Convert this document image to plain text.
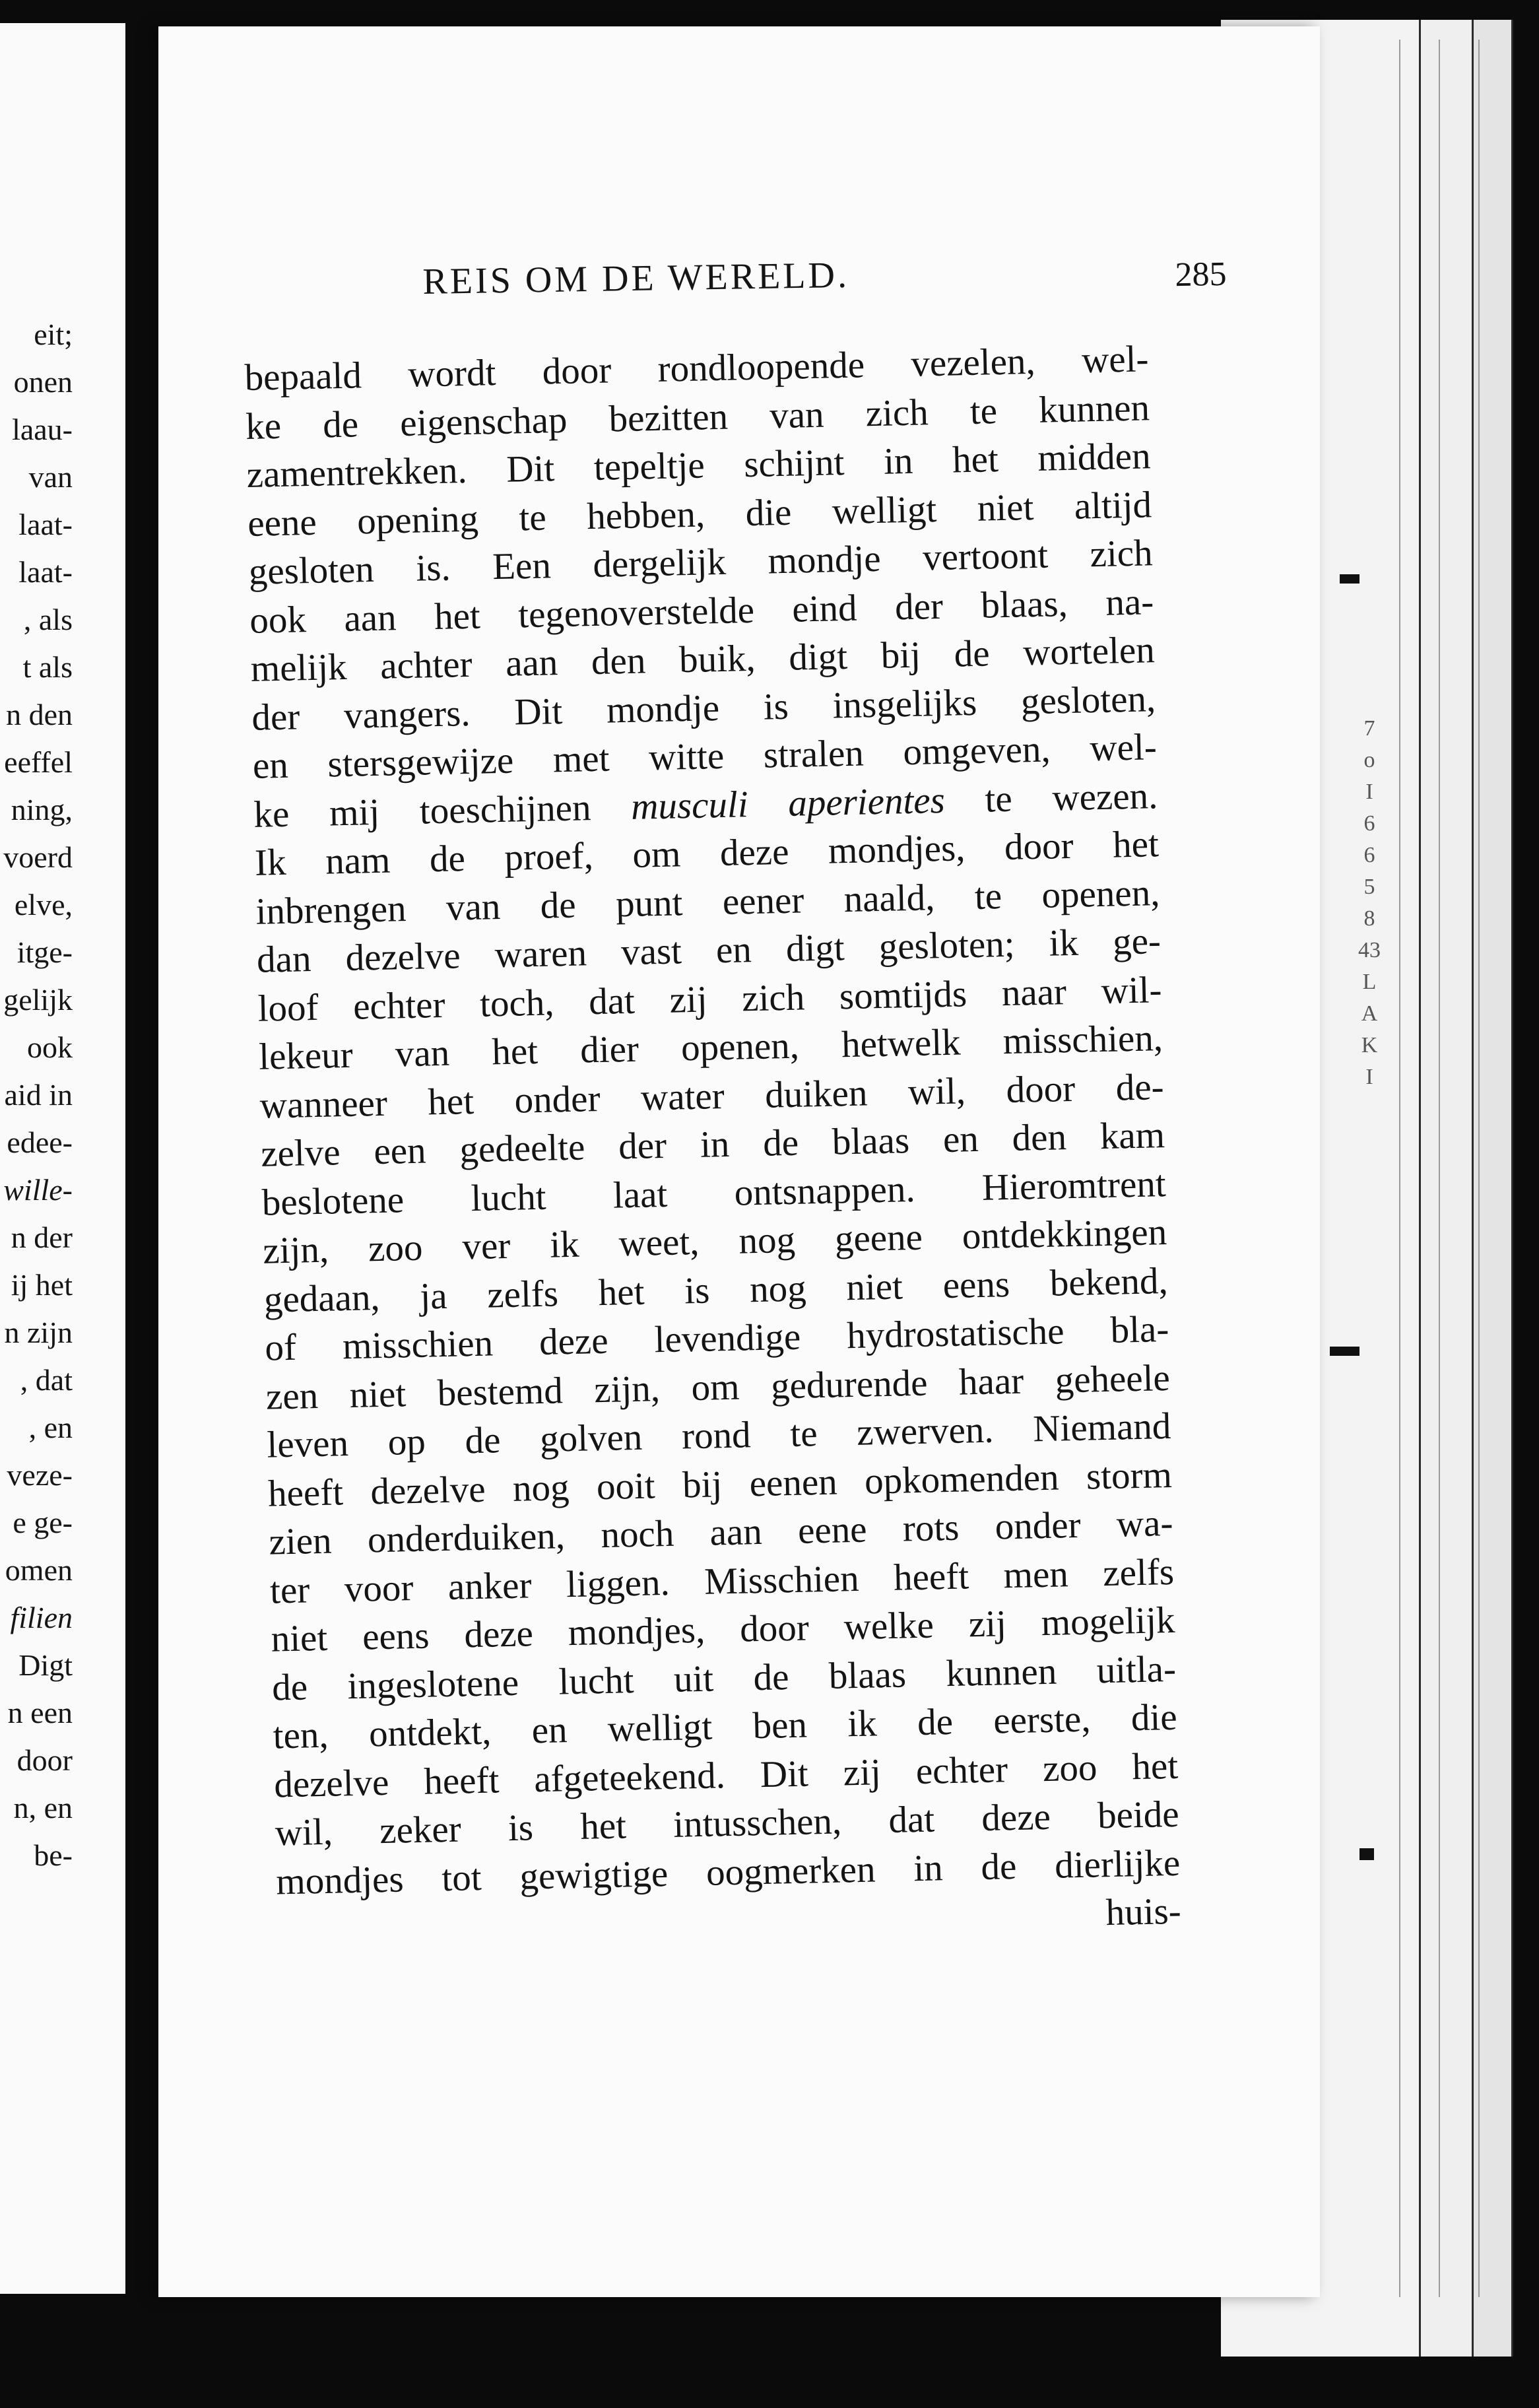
7
o
I
6
6
5
8
43
L
A
K
I
eit;
onen
laau-
van
laat-
laat-
, als
t als
n den
eeffel
ning,
voerd
elve,
itge-
gelijk
ook
aid in
edee-
wille-
n der
ij het
n zijn
, dat
, en
veze-
e ge-
omen
filien
Digt
n een
door
n, en
be-
REIS OM DE WERELD.	285
bepaald wordt door rondloopende vezelen, wel-
ke de eigenschap bezitten van zich te kunnen
zamentrekken. Dit tepeltje schijnt in het midden
eene opening te hebben, die welligt niet altijd
gesloten is. Een dergelijk mondje vertoont zich
ook aan het tegenoverstelde eind der blaas, na-
melijk achter aan den buik, digt bij de wortelen
der vangers. Dit mondje is insgelijks gesloten,
en stersgewijze met witte stralen omgeven, wel-
ke mij toeschijnen musculi aperientes te wezen.
Ik nam de proef, om deze mondjes, door het
inbrengen van de punt eener naald, te openen,
dan dezelve waren vast en digt gesloten; ik ge-
loof echter toch, dat zij zich somtijds naar wil-
lekeur van het dier openen, hetwelk misschien,
wanneer het onder water duiken wil, door de-
zelve een gedeelte der in de blaas en den kam
beslotene lucht laat ontsnappen. Hieromtrent
zijn, zoo ver ik weet, nog geene ontdekkingen
gedaan, ja zelfs het is nog niet eens bekend,
of misschien deze levendige hydrostatische bla-
zen niet bestemd zijn, om gedurende haar geheele
leven op de golven rond te zwerven. Niemand
heeft dezelve nog ooit bij eenen opkomenden storm
zien onderduiken, noch aan eene rots onder wa-
ter voor anker liggen. Misschien heeft men zelfs
niet eens deze mondjes, door welke zij mogelijk
de ingeslotene lucht uit de blaas kunnen uitla-
ten, ontdekt, en welligt ben ik de eerste, die
dezelve heeft afgeteekend. Dit zij echter zoo het
wil, zeker is het intusschen, dat deze beide
mondjes tot gewigtige oogmerken in de dierlijke
huis-
